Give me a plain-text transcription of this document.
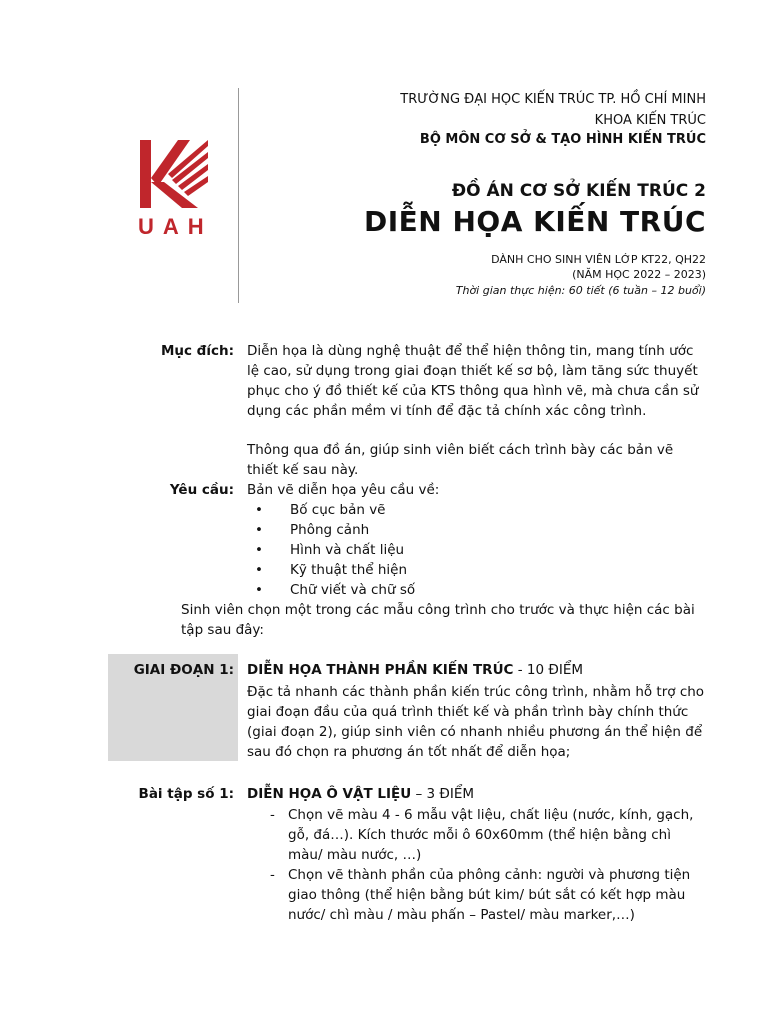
UAH
TRƯỜNG ĐẠI HỌC KIẾN TRÚC TP. HỒ CHÍ MINH
KHOA KIẾN TRÚC
BỘ MÔN CƠ SỞ & TẠO HÌNH KIẾN TRÚC
ĐỒ ÁN CƠ SỞ KIẾN TRÚC 2
DIỄN HỌA KIẾN TRÚC
DÀNH CHO SINH VIÊN LỚP KT22, QH22
(NĂM HỌC 2022 – 2023)
Thời gian thực hiện: 60 tiết (6 tuần – 12 buổi)
Mục đích: Diễn họa là dùng nghệ thuật để thể hiện thông tin, mang tính ước lệ cao, sử dụng trong giai đoạn thiết kế sơ bộ, làm tăng sức thuyết phục cho ý đồ thiết kế của KTS thông qua hình vẽ, mà chưa cần sử dụng các phần mềm vi tính để đặc tả chính xác công trình.
Thông qua đồ án, giúp sinh viên biết cách trình bày các bản vẽ thiết kế sau này.
Yêu cầu: Bản vẽ diễn họa yêu cầu về:
• Bố cục bản vẽ
• Phông cảnh
• Hình và chất liệu
• Kỹ thuật thể hiện
• Chữ viết và chữ số
Sinh viên chọn một trong các mẫu công trình cho trước và thực hiện các bài tập sau đây:
GIAI ĐOẠN 1: DIỄN HỌA THÀNH PHẦN KIẾN TRÚC - 10 ĐIỂM
Đặc tả nhanh các thành phần kiến trúc công trình, nhằm hỗ trợ cho giai đoạn đầu của quá trình thiết kế và phần trình bày chính thức (giai đoạn 2), giúp sinh viên có nhanh nhiều phương án thể hiện để sau đó chọn ra phương án tốt nhất để diễn họa;
Bài tập số 1: DIỄN HỌA Ô VẬT LIỆU – 3 ĐIỂM
- Chọn vẽ màu 4 - 6 mẫu vật liệu, chất liệu (nước, kính, gạch, gỗ, đá…). Kích thước mỗi ô 60x60mm (thể hiện bằng chì màu/ màu nước, …)
- Chọn vẽ thành phần của phông cảnh: người và phương tiện giao thông (thể hiện bằng bút kim/ bút sắt có kết hợp màu nước/ chì màu / màu phấn – Pastel/ màu marker,…)
